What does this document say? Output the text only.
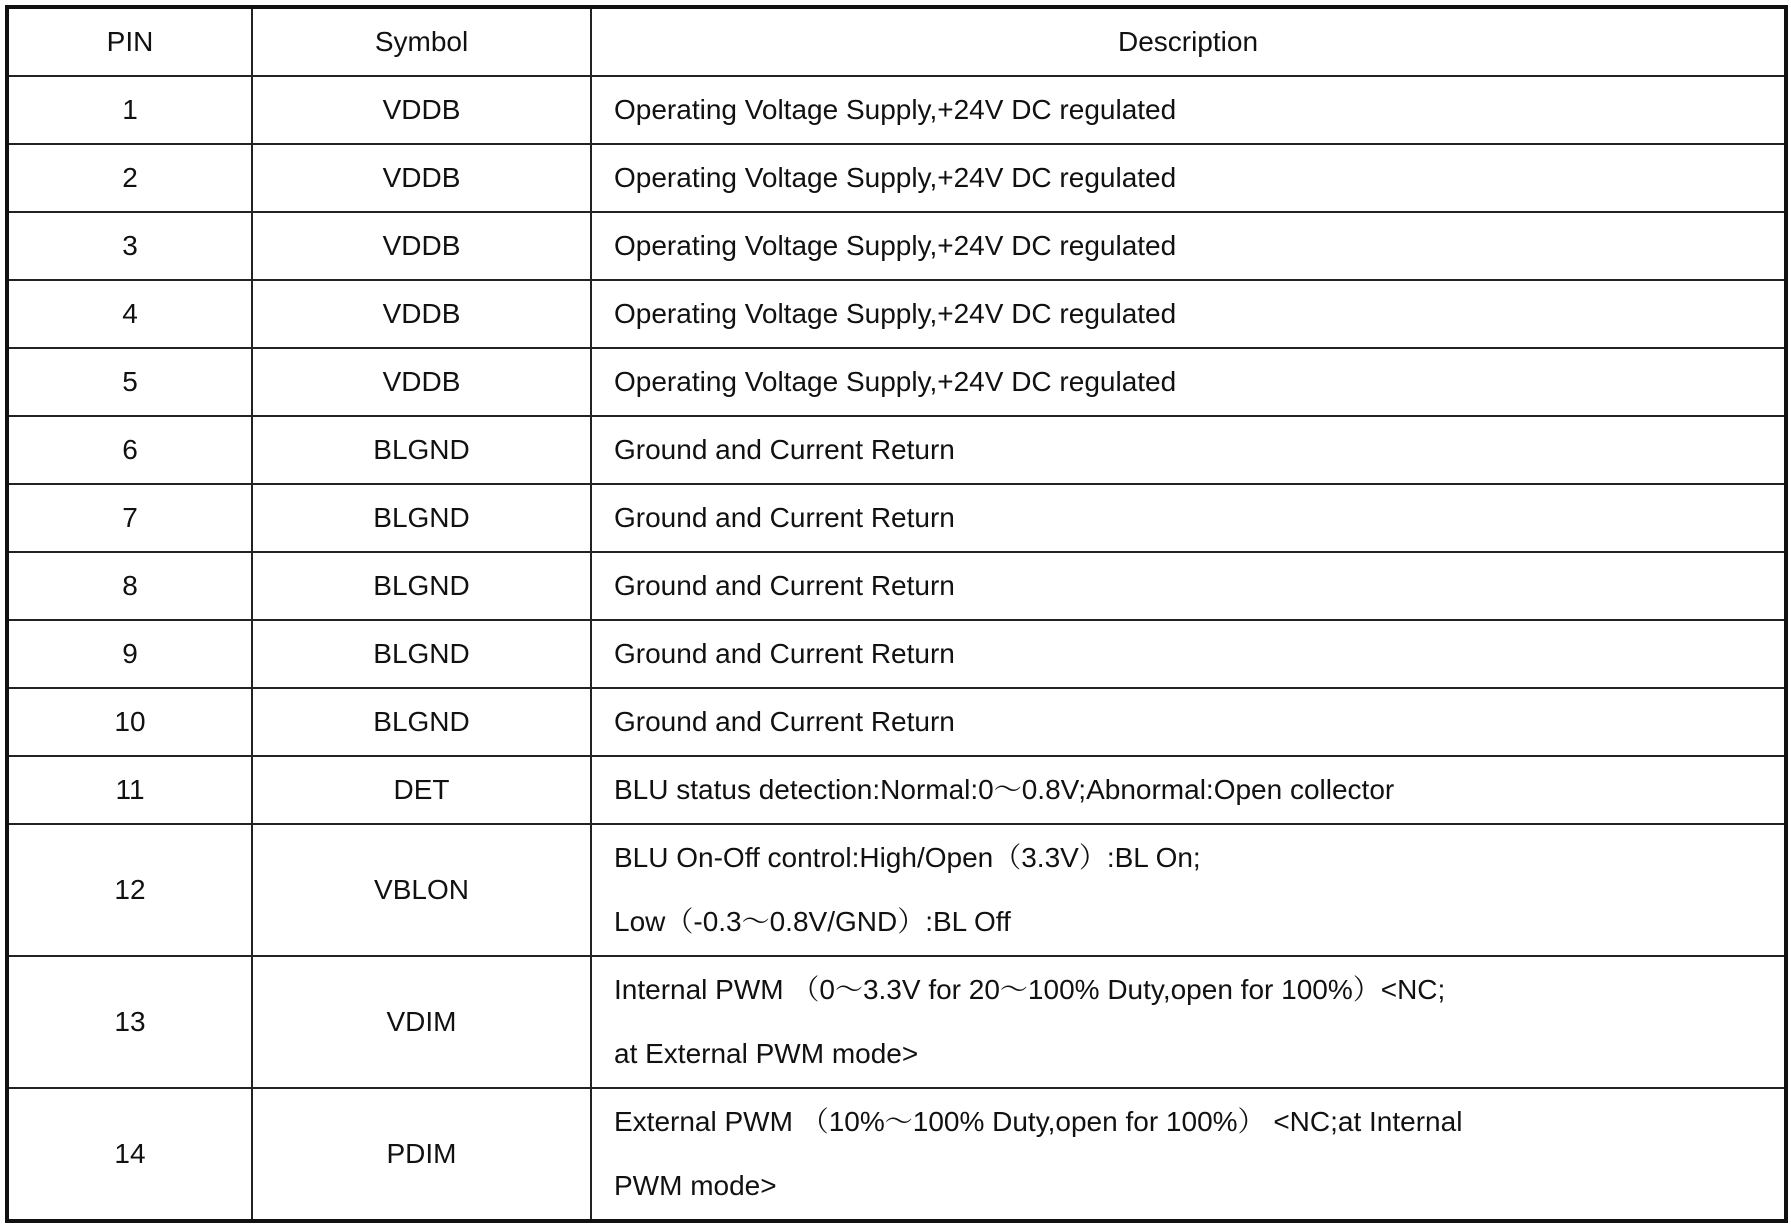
PIN	Symbol	Description
1	VDDB	Operating Voltage Supply,+24V DC regulated
2	VDDB	Operating Voltage Supply,+24V DC regulated
3	VDDB	Operating Voltage Supply,+24V DC regulated
4	VDDB	Operating Voltage Supply,+24V DC regulated
5	VDDB	Operating Voltage Supply,+24V DC regulated
6	BLGND	Ground and Current Return
7	BLGND	Ground and Current Return
8	BLGND	Ground and Current Return
9	BLGND	Ground and Current Return
10	BLGND	Ground and Current Return
11	DET	BLU status detection:Normal:0～0.8V;Abnormal:Open collector
12	VBLON	BLU On-Off control:High/Open（3.3V）:BL On;
Low（-0.3～0.8V/GND）:BL Off

13	VDIM	Internal PWM （0～3.3V for 20～100% Duty,open for 100%）<NC;
at External PWM mode>

14	PDIM	External PWM （10%～100% Duty,open for 100%） <NC;at Internal
PWM mode>
